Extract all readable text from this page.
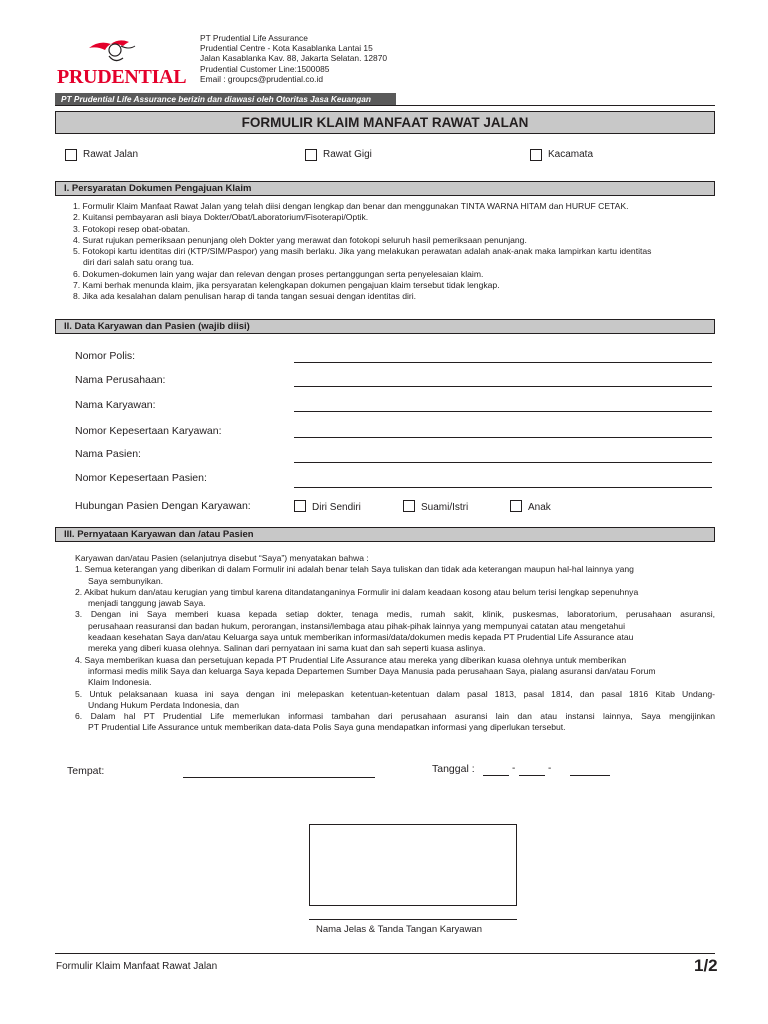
PRUDENTIAL
PT Prudential Life Assurance
Prudential Centre - Kota Kasablanka Lantai 15
Jalan Kasablanka Kav. 88, Jakarta Selatan. 12870
Prudential Customer Line:1500085
Email : groupcs@prudential.co.id
PT Prudential Life Assurance berizin dan diawasi oleh Otoritas Jasa Keuangan
FORMULIR KLAIM MANFAAT RAWAT JALAN
Rawat Jalan	Rawat Gigi	Kacamata
I. Persyaratan Dokumen Pengajuan Klaim
1. Formulir Klaim Manfaat Rawat Jalan yang telah diisi dengan lengkap dan benar dan menggunakan TINTA WARNA HITAM dan HURUF CETAK.
2. Kuitansi pembayaran asli biaya Dokter/Obat/Laboratorium/Fisoterapi/Optik.
3. Fotokopi resep obat-obatan.
4. Surat rujukan pemeriksaan penunjang oleh Dokter yang merawat dan fotokopi seluruh hasil pemeriksaan penunjang.
5. Fotokopi kartu identitas diri (KTP/SIM/Paspor) yang masih berlaku. Jika yang melakukan perawatan adalah anak-anak maka lampirkan kartu identitas
diri dari salah satu orang tua.
6. Dokumen-dokumen lain yang wajar dan relevan dengan proses pertanggungan serta penyelesaian klaim.
7. Kami berhak menunda klaim, jika persyaratan kelengkapan dokumen pengajuan klaim tersebut tidak lengkap.
8. Jika ada kesalahan dalam penulisan harap di tanda tangan sesuai dengan identitas diri.
II. Data Karyawan dan Pasien (wajib diisi)
Nomor Polis:
Nama Perusahaan:
Nama Karyawan:
Nomor Kepesertaan Karyawan:
Nama Pasien:
Nomor Kepesertaan Pasien:
Hubungan Pasien Dengan Karyawan:	Diri Sendiri	Suami/Istri	Anak
III. Pernyataan Karyawan dan /atau Pasien
Karyawan dan/atau Pasien (selanjutnya disebut “Saya”) menyatakan bahwa :
1. Semua keterangan yang diberikan di dalam Formulir ini adalah benar telah Saya tuliskan dan tidak ada keterangan maupun hal-hal lainnya yang
Saya sembunyikan.
2. Akibat hukum dan/atau kerugian yang timbul karena ditandatanganinya Formulir ini dalam keadaan kosong atau belum terisi lengkap sepenuhnya
menjadi tanggung jawab Saya.
3. Dengan ini Saya memberi kuasa kepada setiap dokter, tenaga medis, rumah sakit, klinik, puskesmas, laboratorium, perusahaan asuransi,
perusahaan reasuransi dan badan hukum, perorangan, instansi/lembaga atau pihak-pihak lainnya yang mempunyai catatan atau mengetahui
keadaan kesehatan Saya dan/atau Keluarga saya untuk memberikan informasi/data/dokumen medis kepada PT Prudential Life Assurance atau
mereka yang diberi kuasa olehnya. Salinan dari pernyataan ini sama kuat dan sah seperti kuasa aslinya.
4. Saya memberikan kuasa dan persetujuan kepada PT Prudential Life Assurance atau mereka yang diberikan kuasa olehnya untuk memberikan
informasi medis milik Saya dan keluarga Saya kepada Departemen Sumber Daya Manusia pada perusahaan Saya, pialang asuransi dan/atau Forum
Klaim Indonesia.
5. Untuk pelaksanaan kuasa ini saya dengan ini melepaskan ketentuan-ketentuan dalam pasal 1813, pasal 1814, dan pasal 1816 Kitab Undang-
Undang Hukum Perdata Indonesia, dan
6. Dalam hal PT Prudential Life memerlukan informasi tambahan dari perusahaan asuransi lain dan atau instansi lainnya, Saya mengijinkan
PT Prudential Life Assurance untuk memberikan data-data Polis Saya guna mendapatkan informasi yang diperlukan tersebut.
Tempat:	Tanggal :	-	-
Nama Jelas & Tanda Tangan Karyawan
Formulir Klaim Manfaat Rawat Jalan	1/2
